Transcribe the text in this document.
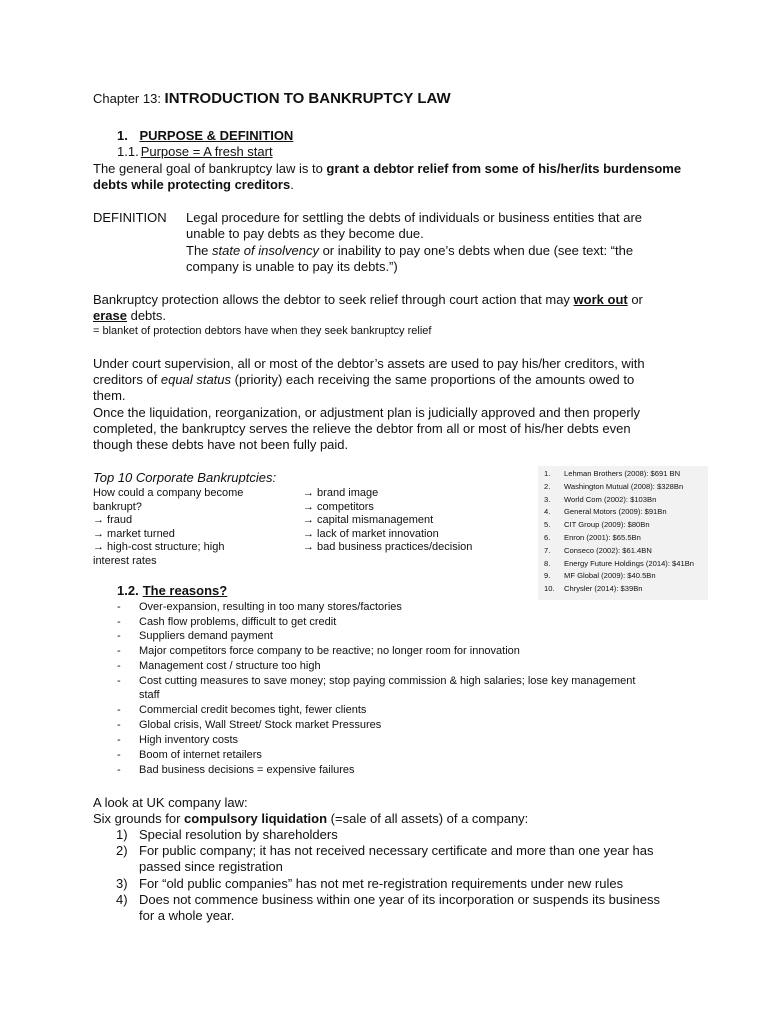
Chapter 13: INTRODUCTION TO BANKRUPTCY LAW
1. PURPOSE & DEFINITION
1.1. Purpose = A fresh start
The general goal of bankruptcy law is to grant a debtor relief from some of his/her/its burdensome
debts while protecting creditors.
DEFINITION Legal procedure for settling the debts of individuals or business entities that are
unable to pay debts as they become due.
The state of insolvency or inability to pay one’s debts when due (see text: “the
company is unable to pay its debts.”)
Bankruptcy protection allows the debtor to seek relief through court action that may work out or
erase debts.
= blanket of protection debtors have when they seek bankruptcy relief
Under court supervision, all or most of the debtor’s assets are used to pay his/her creditors, with
creditors of equal status (priority) each receiving the same proportions of the amounts owed to
them.
Once the liquidation, reorganization, or adjustment plan is judicially approved and then properly
completed, the bankruptcy serves the relieve the debtor from all or most of his/her debts even
though these debts have not been fully paid.
Top 10 Corporate Bankruptcies:
How could a company become
bankrupt?
→ fraud
→ market turned
→ high-cost structure; high
interest rates
→ brand image
→ competitors
→ capital mismanagement
→ lack of market innovation
→ bad business practices/decision
1. Lehman Brothers (2008): $691 BN
2. Washington Mutual (2008): $328Bn
3. World Com (2002): $103Bn
4. General Motors (2009): $91Bn
5. CIT Group (2009): $80Bn
6. Enron (2001): $65.5Bn
7. Conseco (2002): $61.4BN
8. Energy Future Holdings (2014): $41Bn
9. MF Global (2009): $40.5Bn
10. Chrysler (2014): $39Bn
1.2. The reasons?
- Over-expansion, resulting in too many stores/factories
- Cash flow problems, difficult to get credit
- Suppliers demand payment
- Major competitors force company to be reactive; no longer room for innovation
- Management cost / structure too high
- Cost cutting measures to save money; stop paying commission & high salaries; lose key management
staff
- Commercial credit becomes tight, fewer clients
- Global crisis, Wall Street/ Stock market Pressures
- High inventory costs
- Boom of internet retailers
- Bad business decisions = expensive failures
A look at UK company law:
Six grounds for compulsory liquidation (=sale of all assets) of a company:
1) Special resolution by shareholders
2) For public company; it has not received necessary certificate and more than one year has
passed since registration
3) For “old public companies” has not met re-registration requirements under new rules
4) Does not commence business within one year of its incorporation or suspends its business
for a whole year.
